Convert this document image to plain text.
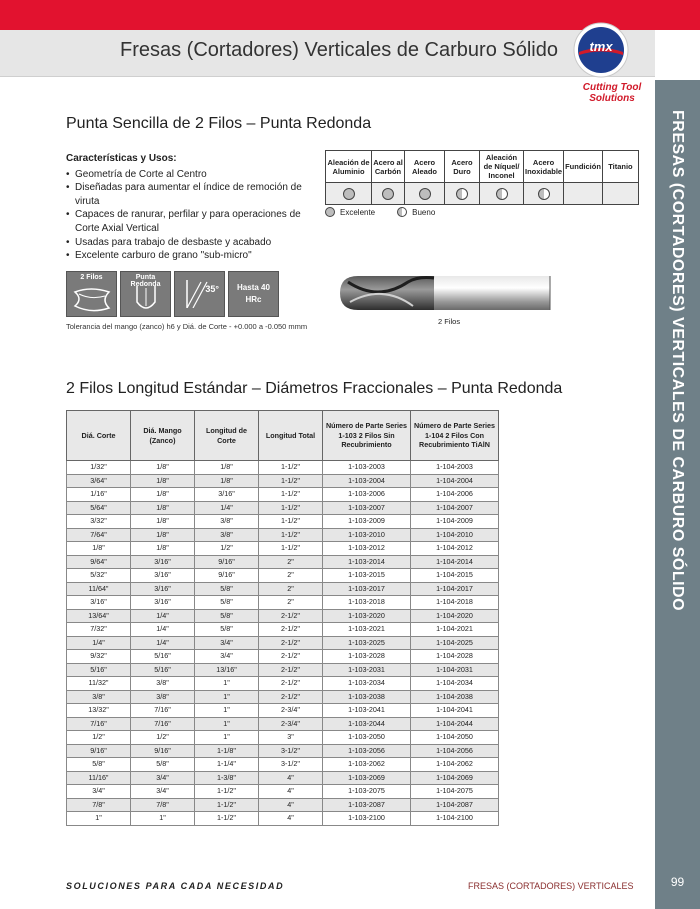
Fresas (Cortadores) Verticales de Carburo Sólido
FRESAS (CORTADORES) VERTICALES DE CARBURO SÓLIDO
tmx
Cutting Tool
Solutions
Punta Sencilla de 2 Filos – Punta Redonda
Características y Usos:
• Geometría de Corte al Centro
• Diseñadas para aumentar el índice de remoción de viruta
• Capaces de ranurar, perfilar y para operaciones de Corte Axial Vertical
• Usadas para trabajo de desbaste y acabado
• Excelente carburo de grano "sub-micro"
2 Filos	Punta Redonda	35°	Hasta 40
HRc
Tolerancia del mango (zanco) h6 y Diá. de Corte - +0.000 a -0.050 mmm
Aleación de Aluminio	Acero al Carbón	Acero Aleado	Acero Duro	Aleación de Níquel/ Inconel	Acero Inoxidable	Fundición	Titanio

Excelente	Bueno
2 Filos
2 Filos Longitud Estándar – Diámetros Fraccionales – Punta Redonda
Diá. Corte	Diá. Mango (Zanco)	Longitud de Corte	Longitud Total	Número de Parte Series 1-103 2 Filos Sin Recubrimiento	Número de Parte Series 1-104 2 Filos Con Recubrimiento TiAlN
1/32"	1/8"	1/8"	1-1/2"	1-103-2003	1-104-2003
3/64"	1/8"	1/8"	1-1/2"	1-103-2004	1-104-2004
1/16"	1/8"	3/16"	1-1/2"	1-103-2006	1-104-2006
5/64"	1/8"	1/4"	1-1/2"	1-103-2007	1-104-2007
3/32"	1/8"	3/8"	1-1/2"	1-103-2009	1-104-2009
7/64"	1/8"	3/8"	1-1/2"	1-103-2010	1-104-2010
1/8"	1/8"	1/2"	1-1/2"	1-103-2012	1-104-2012
9/64"	3/16"	9/16"	2"	1-103-2014	1-104-2014
5/32"	3/16"	9/16"	2"	1-103-2015	1-104-2015
11/64"	3/16"	5/8"	2"	1-103-2017	1-104-2017
3/16"	3/16"	5/8"	2"	1-103-2018	1-104-2018
13/64"	1/4"	5/8"	2-1/2"	1-103-2020	1-104-2020
7/32"	1/4"	5/8"	2-1/2"	1-103-2021	1-104-2021
1/4"	1/4"	3/4"	2-1/2"	1-103-2025	1-104-2025
9/32"	5/16"	3/4"	2-1/2"	1-103-2028	1-104-2028
5/16"	5/16"	13/16"	2-1/2"	1-103-2031	1-104-2031
11/32"	3/8"	1"	2-1/2"	1-103-2034	1-104-2034
3/8"	3/8"	1"	2-1/2"	1-103-2038	1-104-2038
13/32"	7/16"	1"	2-3/4"	1-103-2041	1-104-2041
7/16"	7/16"	1"	2-3/4"	1-103-2044	1-104-2044
1/2"	1/2"	1"	3"	1-103-2050	1-104-2050
9/16"	9/16"	1-1/8"	3-1/2"	1-103-2056	1-104-2056
5/8"	5/8"	1-1/4"	3-1/2"	1-103-2062	1-104-2062
11/16"	3/4"	1-3/8"	4"	1-103-2069	1-104-2069
3/4"	3/4"	1-1/2"	4"	1-103-2075	1-104-2075
7/8"	7/8"	1-1/2"	4"	1-103-2087	1-104-2087
1"	1"	1-1/2"	4"	1-103-2100	1-104-2100
SOLUCIONES PARA CADA NECESIDAD	FRESAS (CORTADORES) VERTICALES	99
